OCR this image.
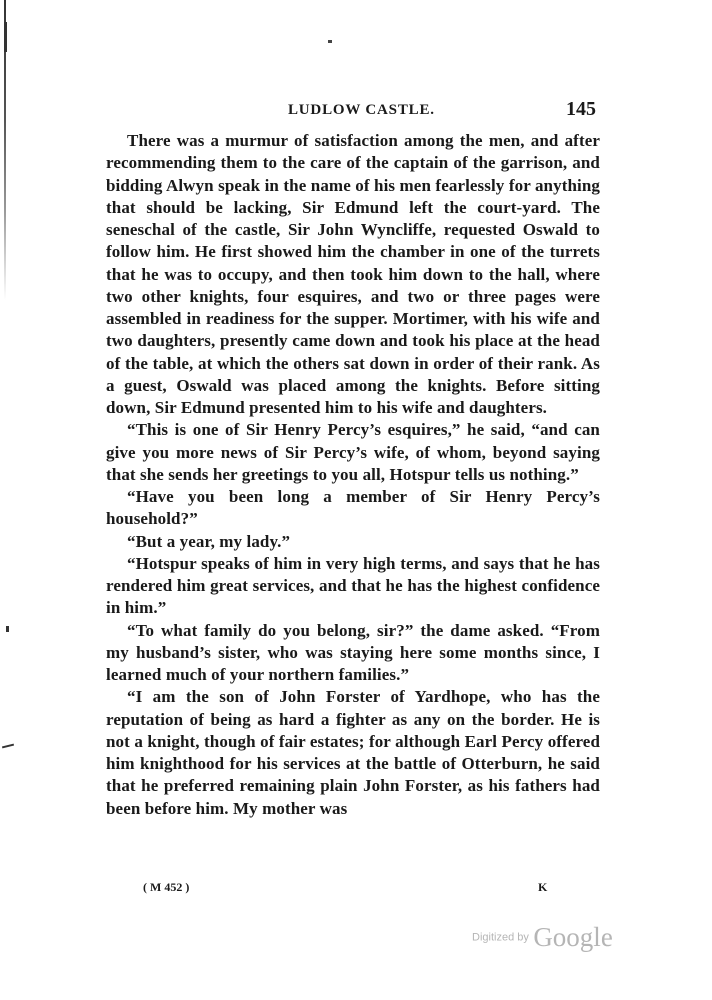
LUDLOW CASTLE.	145

There was a murmur of satisfaction among the men, and after recommending them to the care of the captain of the garrison, and bidding Alwyn speak in the name of his men fearlessly for anything that should be lacking, Sir Edmund left the court-yard. The seneschal of the castle, Sir John Wyncliffe, requested Oswald to follow him. He first showed him the chamber in one of the turrets that he was to occupy, and then took him down to the hall, where two other knights, four esquires, and two or three pages were assembled in readiness for the supper. Mortimer, with his wife and two daughters, presently came down and took his place at the head of the table, at which the others sat down in order of their rank. As a guest, Oswald was placed among the knights. Before sitting down, Sir Edmund presented him to his wife and daughters.

“This is one of Sir Henry Percy’s esquires,” he said, “and can give you more news of Sir Percy’s wife, of whom, beyond saying that she sends her greetings to you all, Hotspur tells us nothing.”

“Have you been long a member of Sir Henry Percy’s household?”

“But a year, my lady.”

“Hotspur speaks of him in very high terms, and says that he has rendered him great services, and that he has the highest confidence in him.”

“To what family do you belong, sir?” the dame asked. “From my husband’s sister, who was staying here some months since, I learned much of your northern families.”

“I am the son of John Forster of Yardhope, who has the reputation of being as hard a fighter as any on the border. He is not a knight, though of fair estates; for although Earl Percy offered him knighthood for his services at the battle of Otterburn, he said that he preferred remaining plain John Forster, as his fathers had been before him. My mother was

( M 452 )	K
Digitized by Google
